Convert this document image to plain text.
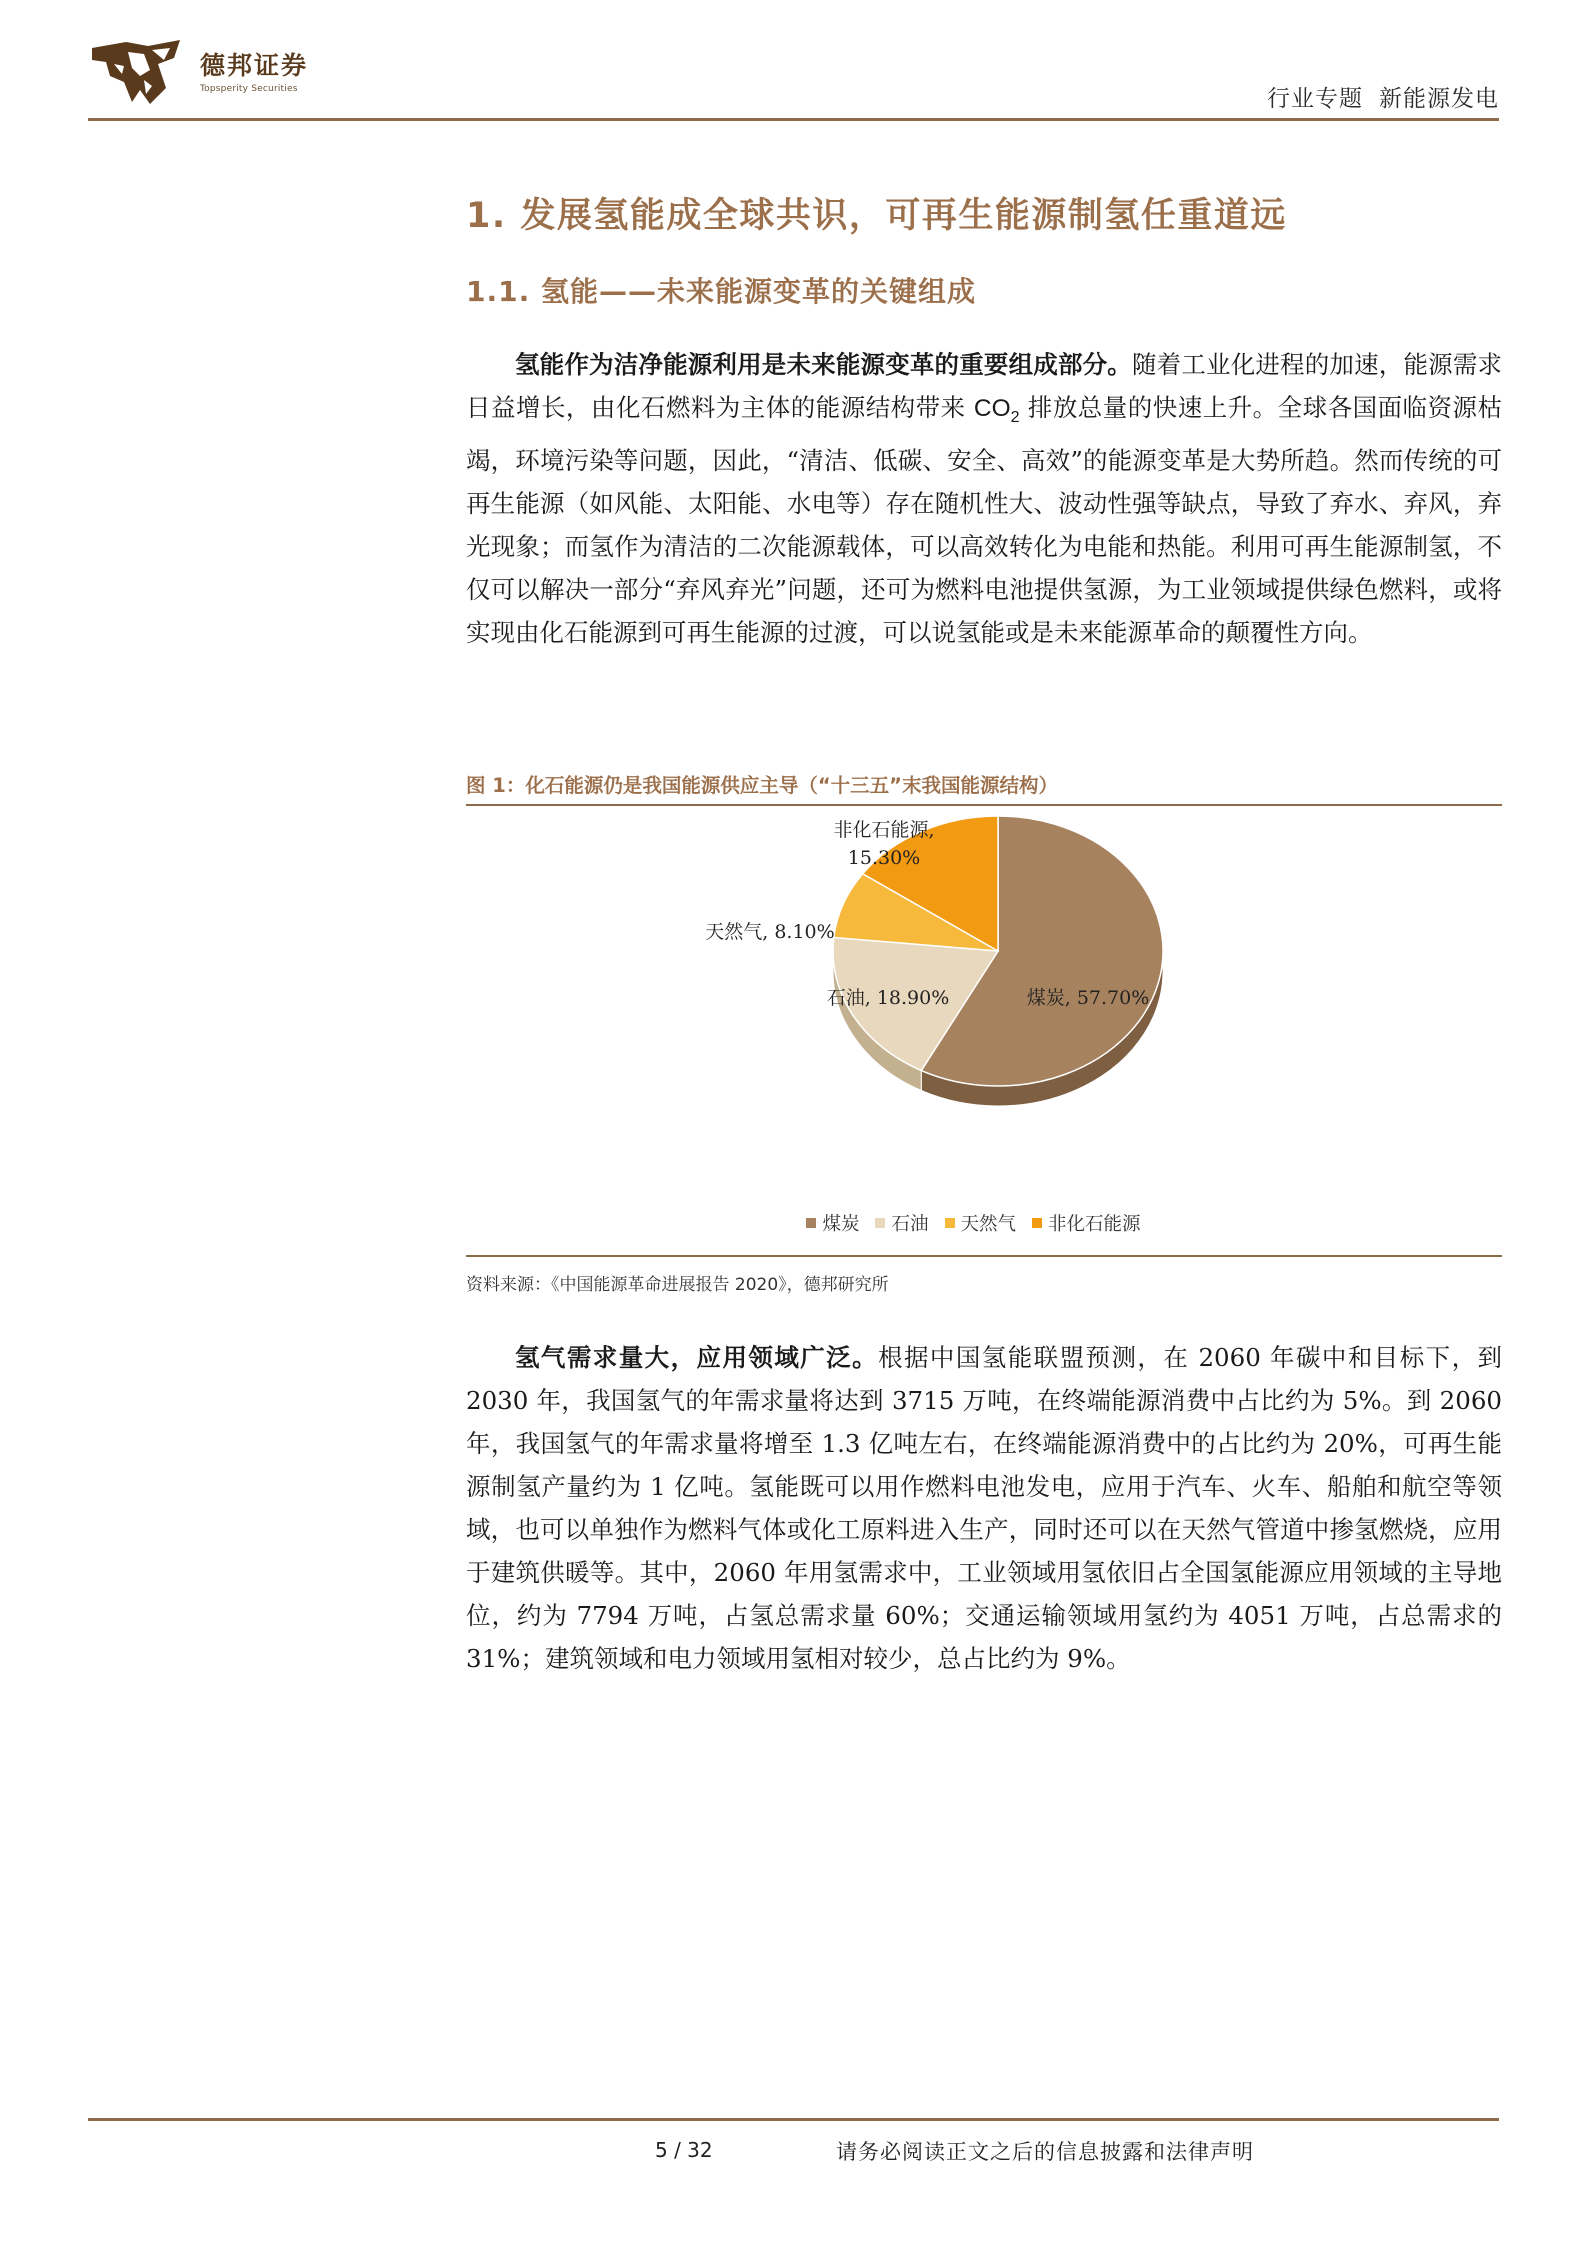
德邦证券
Topsperity Securities	行业专题 新能源发电
1. 发展氢能成全球共识，可再生能源制氢任重道远
1.1. 氢能——未来能源变革的关键组成

氢能作为洁净能源利用是未来能源变革的重要组成部分。随着工业化进程的加速，能源需求日益增长，由化石燃料为主体的能源结构带来 $CO_2$ 排放总量的快速上升。全球各国面临资源枯竭，环境污染等问题，因此，“清洁、低碳、安全、高效”的能源变革是大势所趋。然而传统的可再生能源（如风能、太阳能、水电等）存在随机性大、波动性强等缺点，导致了弃水、弃风，弃光现象；而氢作为清洁的二次能源载体，可以高效转化为电能和热能。利用可再生能源制氢，不仅可以解决一部分“弃风弃光”问题，还可为燃料电池提供氢源，为工业领域提供绿色燃料，或将实现由化石能源到可再生能源的过渡，可以说氢能或是未来能源革命的颠覆性方向。

图 1：化石能源仍是我国能源供应主导（“十三五”末我国能源结构）
煤炭, 57.70%
石油, 18.90%
天然气, 8.10%
非化石能源,
15.30%
煤炭 石油 天然气 非化石能源
资料来源：《中国能源革命进展报告 2020》，德邦研究所

氢气需求量大，应用领域广泛。根据中国氢能联盟预测，在 2060 年碳中和目标下，到 2030 年，我国氢气的年需求量将达到 3715 万吨，在终端能源消费中占比约为 5%。到 2060 年，我国氢气的年需求量将增至 1.3 亿吨左右，在终端能源消费中的占比约为 20%，可再生能源制氢产量约为 1 亿吨。氢能既可以用作燃料电池发电，应用于汽车、火车、船舶和航空等领域，也可以单独作为燃料气体或化工原料进入生产，同时还可以在天然气管道中掺氢燃烧，应用于建筑供暖等。其中，2060 年用氢需求中，工业领域用氢依旧占全国氢能源应用领域的主导地位，约为 7794 万吨，占氢总需求量 60%；交通运输领域用氢约为 4051 万吨，占总需求的 31%；建筑领域和电力领域用氢相对较少，总占比约为 9%。

5 / 32	请务必阅读正文之后的信息披露和法律声明
